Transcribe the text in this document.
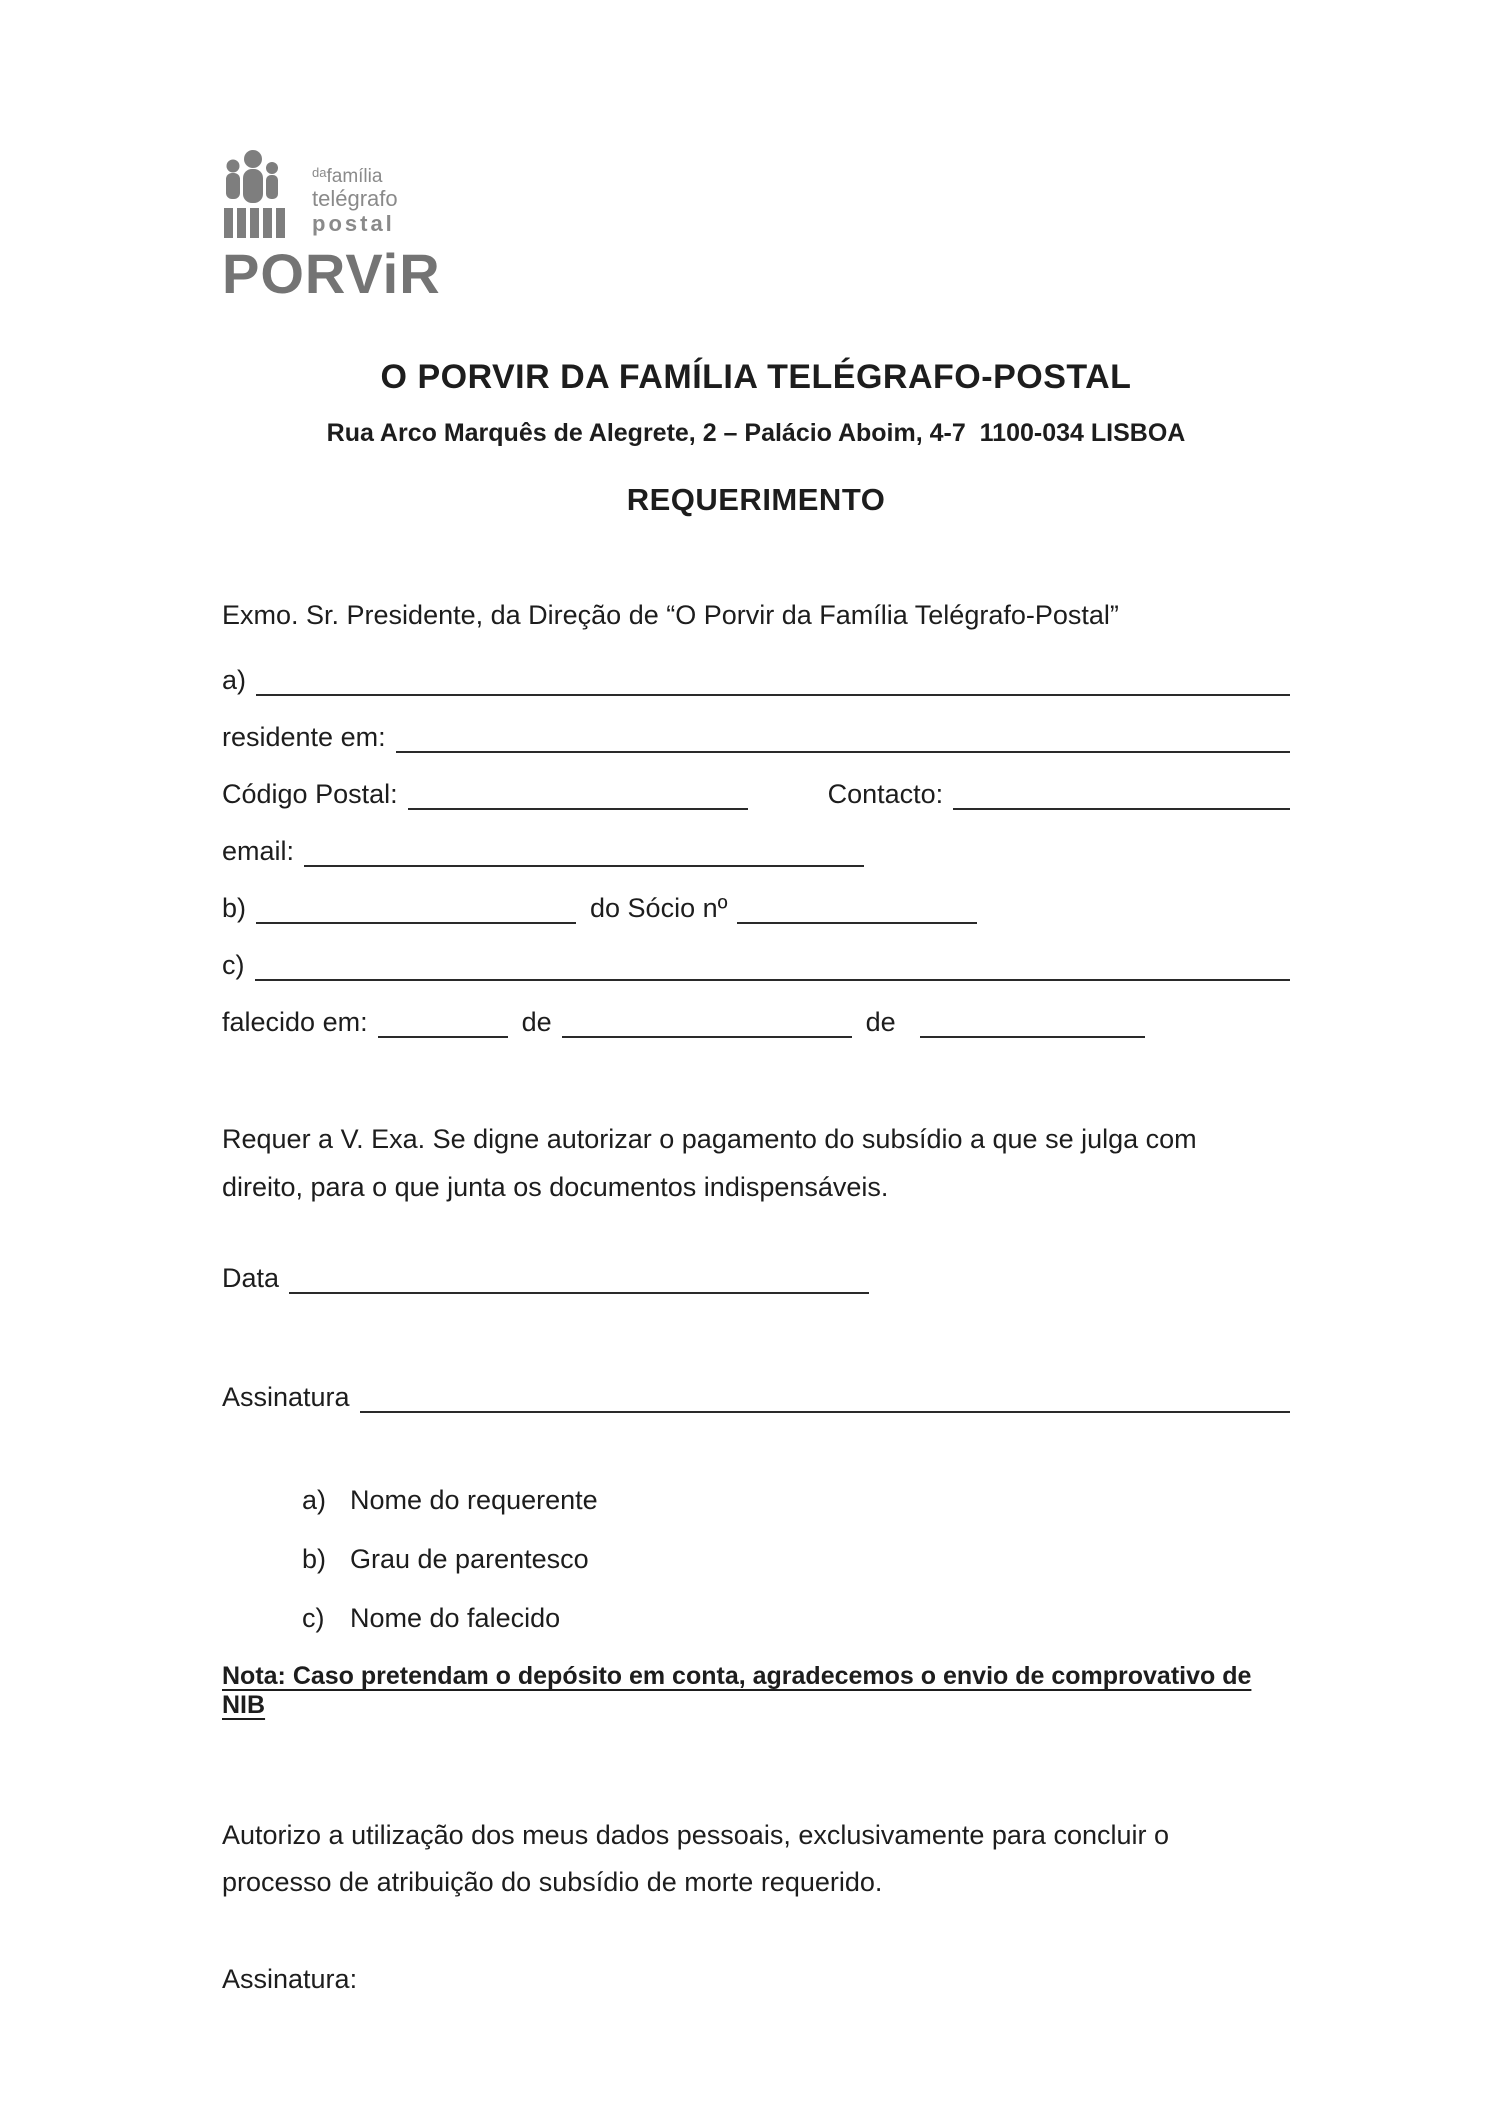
$^{da}$família
telégrafo
postal
PORViR
O PORVIR DA FAMÍLIA TELÉGRAFO-POSTAL
Rua Arco Marquês de Alegrete, 2 – Palácio Aboim, 4-7  1100-034 LISBOA
REQUERIMENTO

Exmo. Sr. Presidente, da Direção de “O Porvir da Família Telégrafo-Postal”

a)
residente em:
Código Postal:	Contacto:
email:
b)	do Sócio nº
c)
falecido em:	de	de

Requer a V. Exa. Se digne autorizar o pagamento do subsídio a que se julga com direito, para o que junta os documentos indispensáveis.

Data
Assinatura
a) Nome do requerente
b) Grau de parentesco
c) Nome do falecido
Nota: Caso pretendam o depósito em conta, agradecemos o envio de comprovativo de NIB

Autorizo a utilização dos meus dados pessoais, exclusivamente para concluir o processo de atribuição do subsídio de morte requerido.

Assinatura:
